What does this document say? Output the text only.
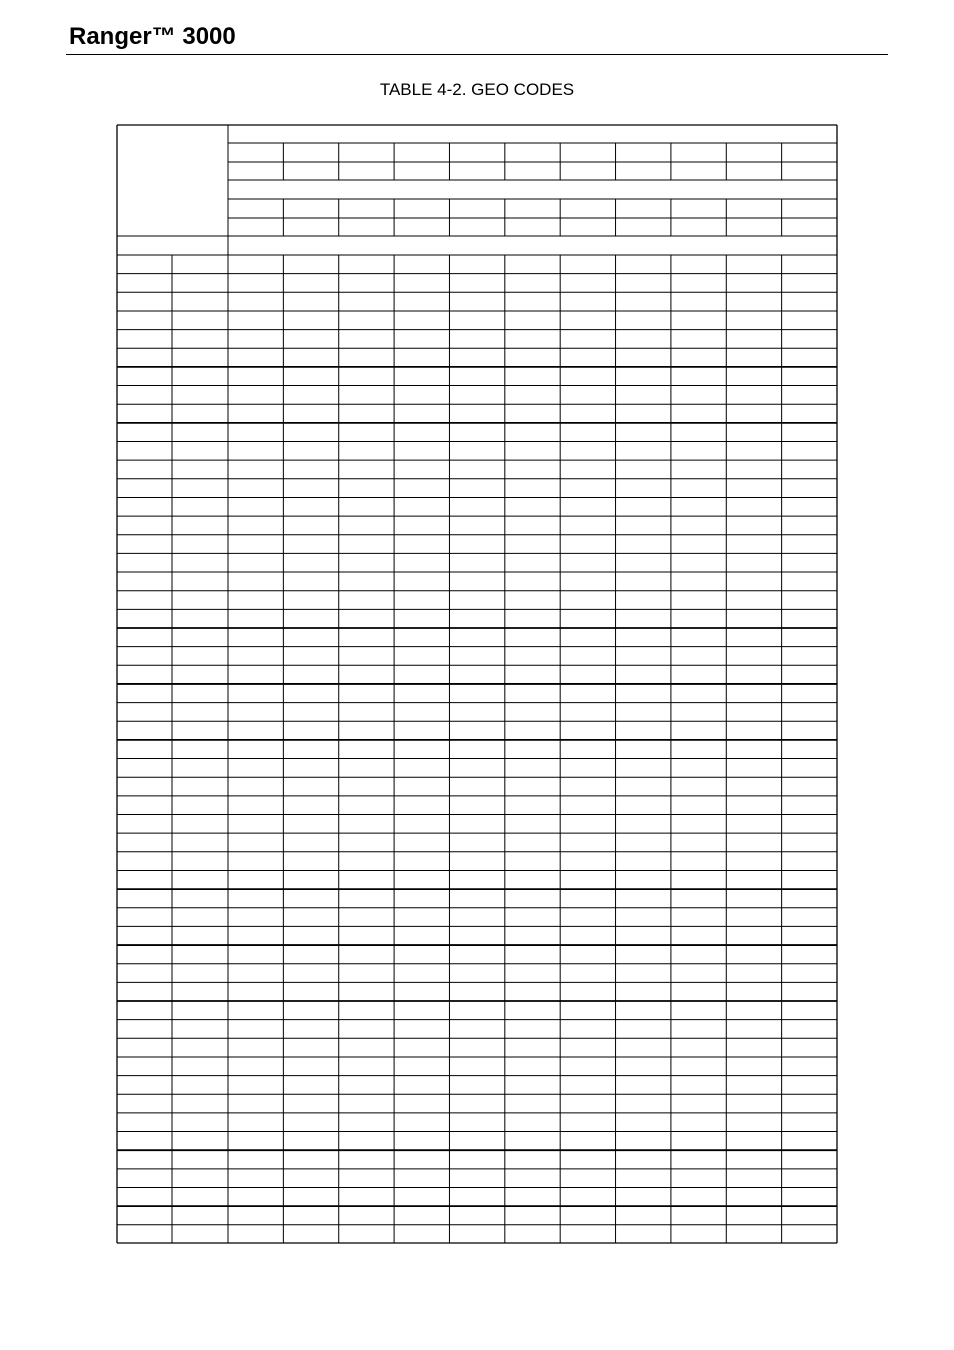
Ranger™ 3000
TABLE 4-2. GEO CODES
